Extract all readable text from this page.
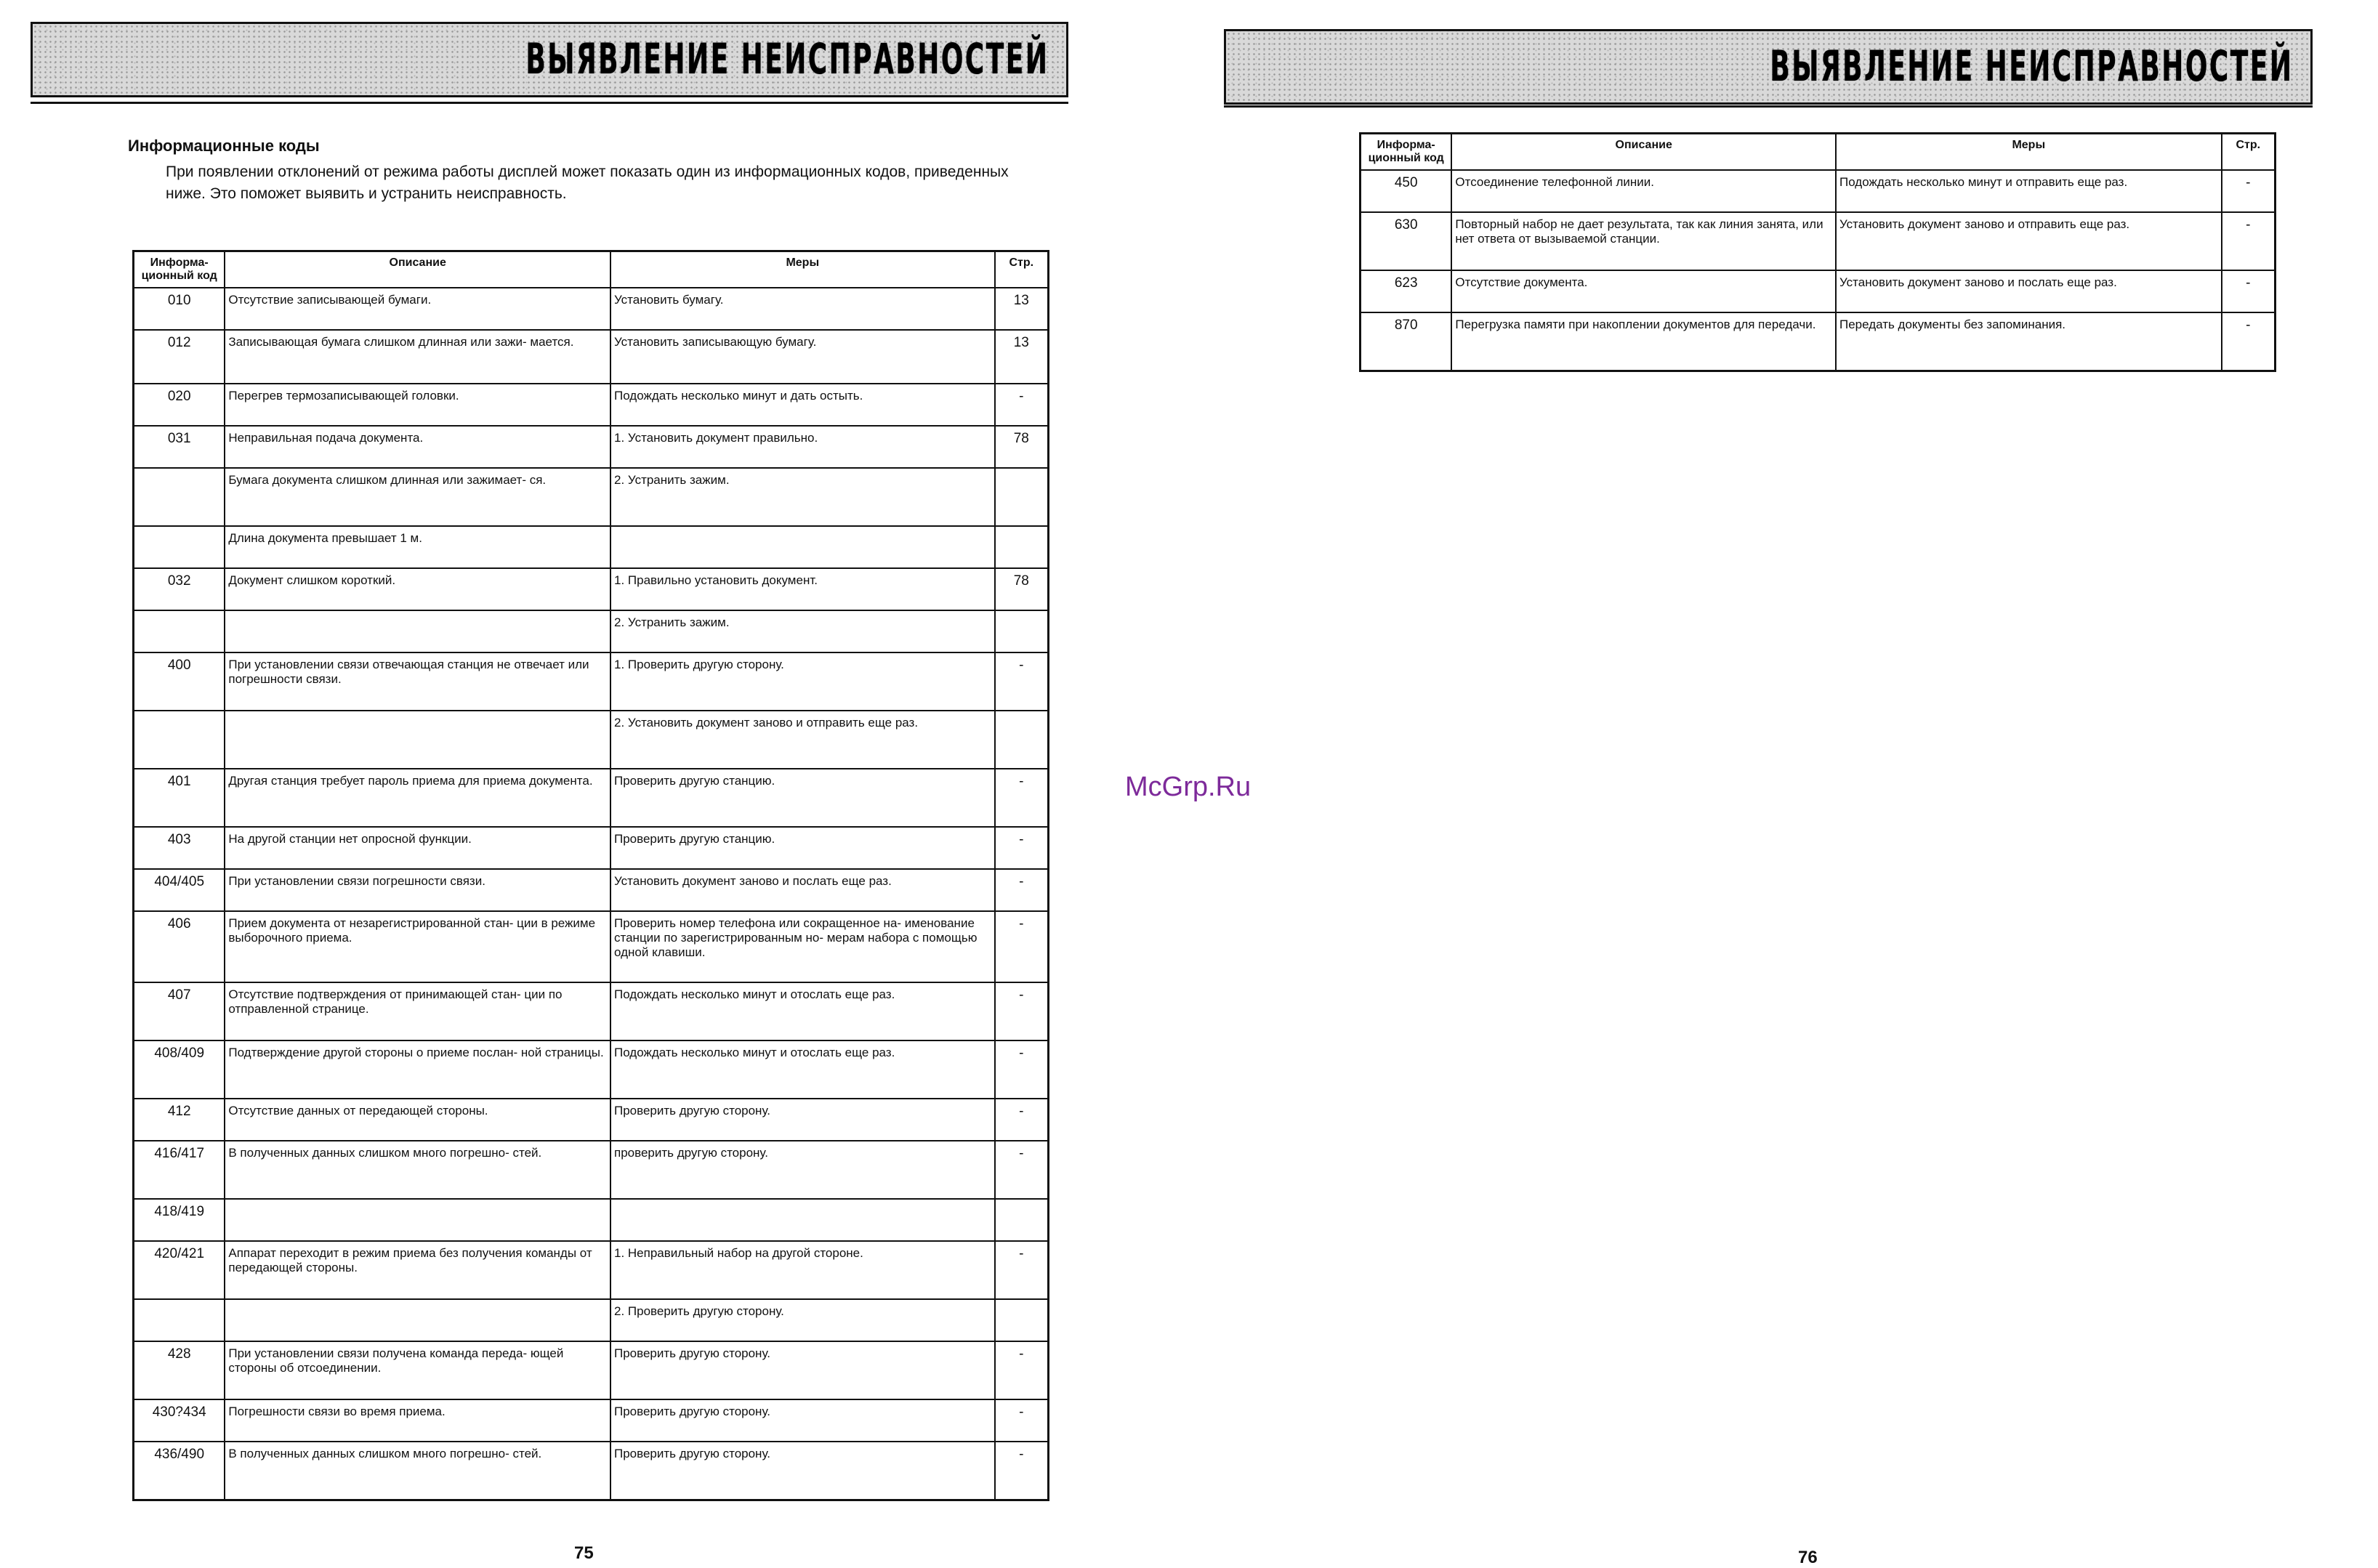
ВЫЯВЛЕНИЕ НЕИСПРАВНОСТЕЙ
Информационные коды
При появлении отклонений от режима работы дисплей может показать один из информационных кодов, приведенных ниже. Это поможет выявить и устранить неисправность.
Информа- ционный код	Описание	Меры	Стр.
010	Отсутствие записывающей бумаги.	Установить бумагу.	13
012	Записывающая бумага слишком длинная или зажи- мается.	Установить записывающую бумагу.	13
020	Перегрев термозаписывающей головки.	Подождать несколько минут и дать остыть.	-
031	Неправильная подача документа.	1. Установить документ правильно.	78
	Бумага документа слишком длинная или зажимает- ся.	2. Устранить зажим.	
	Длина документа превышает 1 м.		
032	Документ слишком короткий.	1. Правильно установить документ.	78
		2. Устранить зажим.	
400	При установлении связи отвечающая станция не отвечает или погрешности связи.	1. Проверить другую сторону.	-
		2. Установить документ заново и отправить еще раз.	
401	Другая станция требует пароль приема для приема документа.	Проверить другую станцию.	-
403	На другой станции нет опросной функции.	Проверить другую станцию.	-
404/405	При установлении связи погрешности связи.	Установить документ заново и послать еще раз.	-
406	Прием документа от незарегистрированной стан- ции в режиме выборочного приема.	Проверить номер телефона или сокращенное на- именование станции по зарегистрированным но- мерам набора с помощью одной клавиши.	-
407	Отсутствие подтверждения от принимающей стан- ции по отправленной странице.	Подождать несколько минут и отослать еще раз.	-
408/409	Подтверждение другой стороны о приеме послан- ной страницы.	Подождать несколько минут и отослать еще раз.	-
412	Отсутствие данных от передающей стороны.	Проверить другую сторону.	-
416/417	В полученных данных слишком много погрешно- стей.	проверить другую сторону.	-
418/419			
420/421	Аппарат переходит в режим приема без получения команды от передающей стороны.	1. Неправильный набор на другой стороне.	-
		2. Проверить другую сторону.	
428	При установлении связи получена команда переда- ющей стороны об отсоединении.	Проверить другую сторону.	-
430?434	Погрешности связи во время приема.	Проверить другую сторону.	-
436/490	В полученных данных слишком много погрешно- стей.	Проверить другую сторону.	-
75
ВЫЯВЛЕНИЕ НЕИСПРАВНОСТЕЙ
Информа- ционный код	Описание	Меры	Стр.
450	Отсоединение телефонной линии.	Подождать несколько минут и отправить еще раз.	-
630	Повторный набор не дает результата, так как линия занята, или нет ответа от вызываемой станции.	Установить документ заново и отправить еще раз.	-
623	Отсутствие документа.	Установить документ заново и послать еще раз.	-
870	Перегрузка памяти при накоплении документов для передачи.	Передать документы без запоминания.	-
76
McGrp.Ru
